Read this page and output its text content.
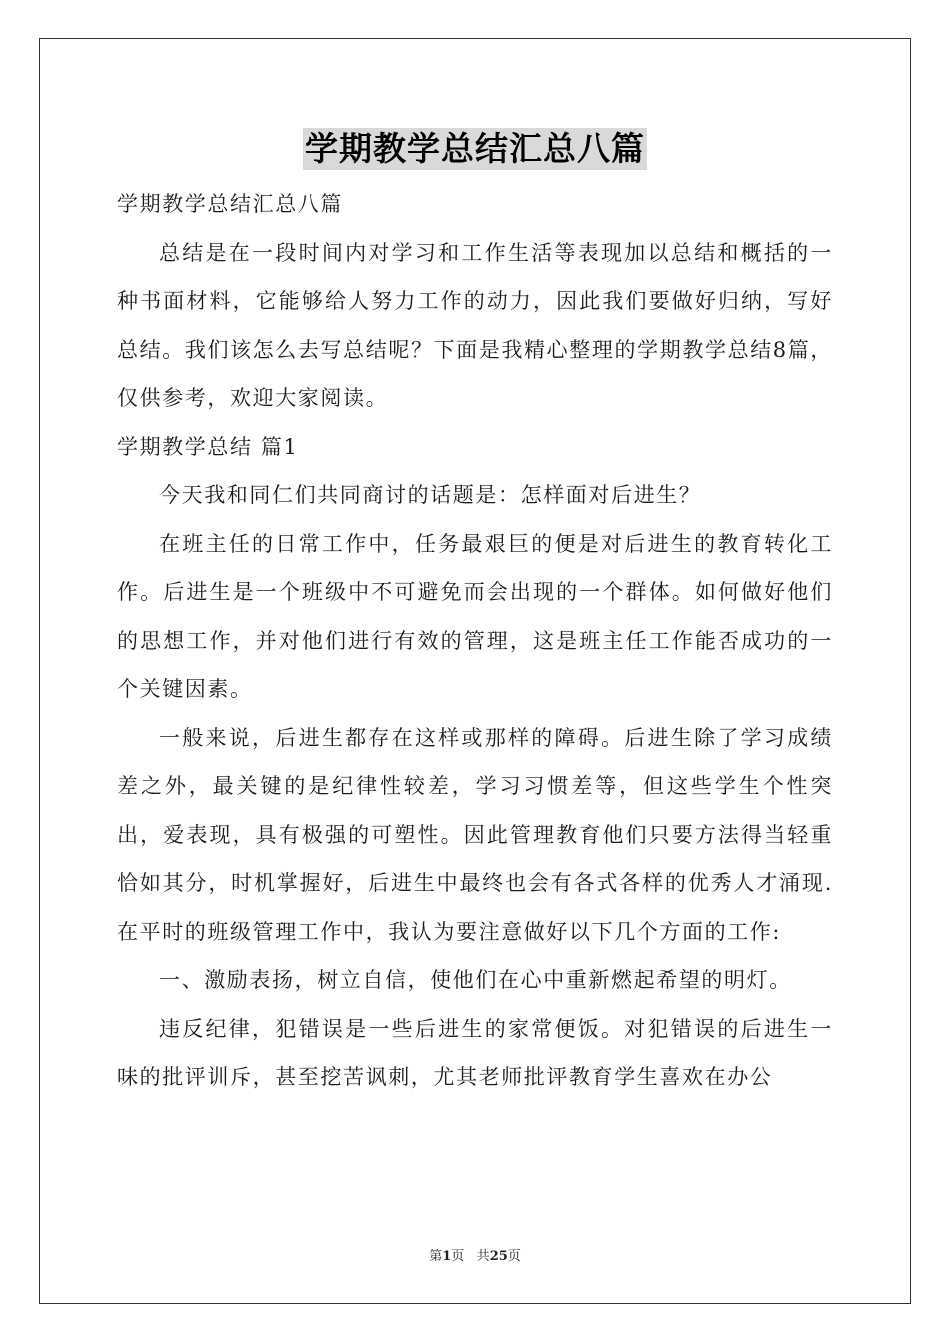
学期教学总结汇总八篇

学期教学总结汇总八篇

总结是在一段时间内对学习和工作生活等表现加以总结和概括的一种书面材料，它能够给人努力工作的动力，因此我们要做好归纳，写好总结。我们该怎么去写总结呢？下面是我精心整理的学期教学总结8篇，仅供参考，欢迎大家阅读。

学期教学总结 篇1

今天我和同仁们共同商讨的话题是：怎样面对后进生？

在班主任的日常工作中，任务最艰巨的便是对后进生的教育转化工作。后进生是一个班级中不可避免而会出现的一个群体。如何做好他们的思想工作，并对他们进行有效的管理，这是班主任工作能否成功的一个关键因素。

一般来说，后进生都存在这样或那样的障碍。后进生除了学习成绩差之外，最关键的是纪律性较差，学习习惯差等，但这些学生个性突出，爱表现，具有极强的可塑性。因此管理教育他们只要方法得当轻重恰如其分，时机掌握好，后进生中最终也会有各式各样的优秀人才涌现.在平时的班级管理工作中，我认为要注意做好以下几个方面的工作:

一、激励表扬，树立自信，使他们在心中重新燃起希望的明灯。

违反纪律，犯错误是一些后进生的家常便饭。对犯错误的后进生一味的批评训斥，甚至挖苦讽刺，尤其老师批评教育学生喜欢在办公

第1页 共25页
